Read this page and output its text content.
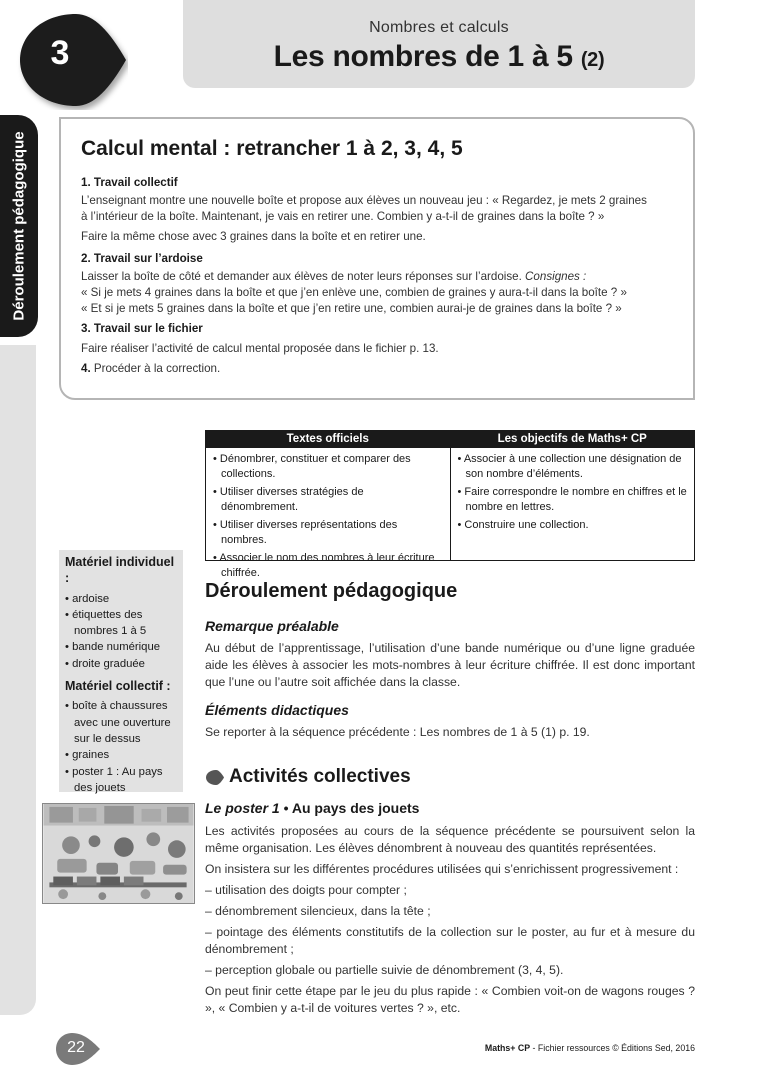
Nombres et calculs
Les nombres de 1 à 5 (2)
3
Déroulement pédagogique	Calcul mental : retrancher 1 à 2, 3, 4, 5
1. Travail collectif
L’enseignant montre une nouvelle boîte et propose aux élèves un nouveau jeu : « Regardez, je mets 2 graines
à l’intérieur de la boîte. Maintenant, je vais en retirer une. Combien y a-t-il de graines dans la boîte ? »
Faire la même chose avec 3 graines dans la boîte et en retirer une.
2. Travail sur l’ardoise
Laisser la boîte de côté et demander aux élèves de noter leurs réponses sur l’ardoise. Consignes :
« Si je mets 4 graines dans la boîte et que j’en enlève une, combien de graines y aura-t-il dans la boîte ? »
« Et si je mets 5 graines dans la boîte et que j’en retire une, combien aurai-je de graines dans la boîte ? »
3. Travail sur le fichier
Faire réaliser l’activité de calcul mental proposée dans le fichier p. 13.
4. Procéder à la correction.
Textes officiels
• Dénombrer, constituer et comparer des collections.
• Utiliser diverses stratégies de dénombrement.
• Utiliser diverses représentations des nombres.
• Associer le nom des nombres à leur écriture chiffrée.
Les objectifs de Maths+ CP
• Associer à une collection une désignation de son nombre d’éléments.
• Faire correspondre le nombre en chiffres et le nombre en lettres.
• Construire une collection.
Matériel individuel :
• ardoise
• étiquettes des nombres 1 à 5
• bande numérique
• droite graduée
Matériel collectif :
• boîte à chaussures avec une ouverture sur le dessus
• graines
• poster 1 : Au pays des jouets
Déroulement pédagogique
Remarque préalable
Au début de l’apprentissage, l’utilisation d’une bande numérique ou d’une ligne graduée aide les élèves à associer les mots-nombres à leur écriture chiffrée. Il est donc important que l’une ou l’autre soit affichée dans la classe.
Éléments didactiques
Se reporter à la séquence précédente : Les nombres de 1 à 5 (1) p. 19.
Activités collectives
Le poster 1 • Au pays des jouets

Les activités proposées au cours de la séquence précédente se poursuivent selon la même organisation. Les élèves dénombrent à nouveau des quantités représentées.

On insistera sur les différentes procédures utilisées qui s’enrichissent progressivement :

– utilisation des doigts pour compter ;

– dénombrement silencieux, dans la tête ;

– pointage des éléments constitutifs de la collection sur le poster, au fur et à mesure du dénombrement ;

– perception globale ou partielle suivie de dénombrement (3, 4, 5).

On peut finir cette étape par le jeu du plus rapide : « Combien voit-on de wagons rouges ? », « Combien y a-t-il de voitures vertes ? », etc.

22	Maths+ CP - Fichier ressources © Éditions Sed, 2016
